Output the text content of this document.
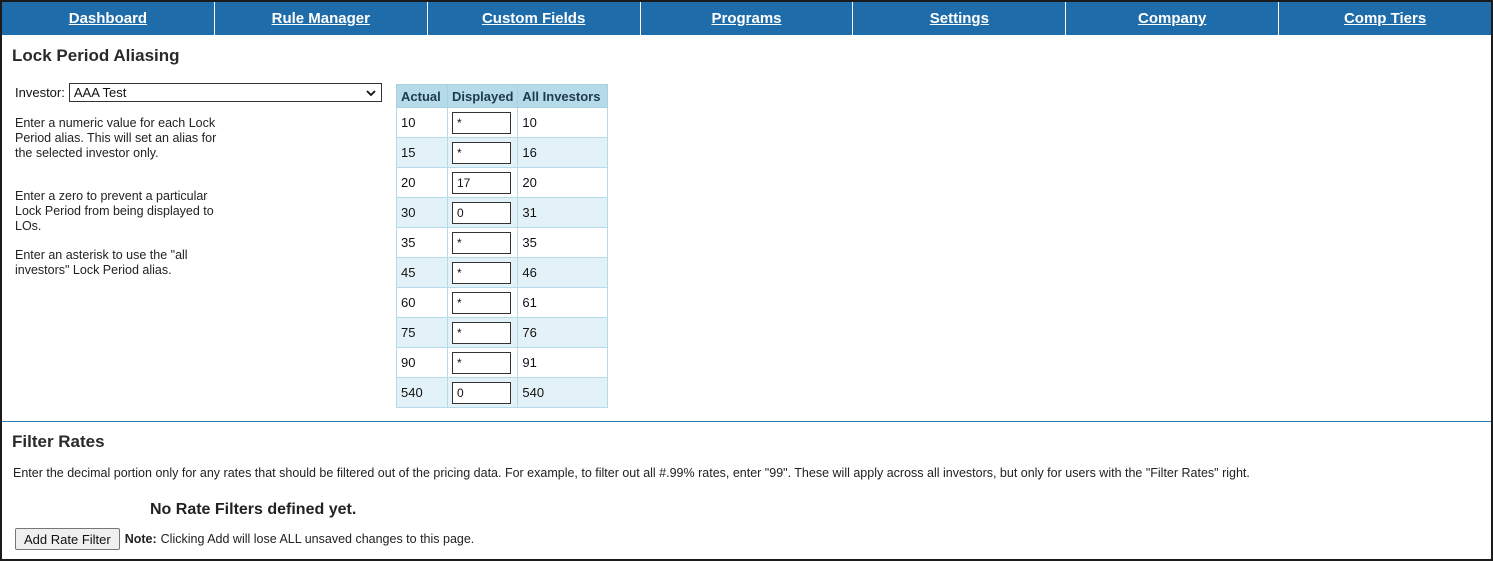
Dashboard	Rule Manager	Custom Fields	Programs	Settings	Company	Comp Tiers
Lock Period Aliasing
Investor: AAA Test
Enter a numeric value for each Lock Period alias. This will set an alias for the selected investor only.
Enter a zero to prevent a particular Lock Period from being displayed to LOs.
Enter an asterisk to use the "all investors" Lock Period alias.
Actual	Displayed	All Investors
10	*	10
15	*	16
20	17	20
30	0	31
35	*	35
45	*	46
60	*	61
75	*	76
90	*	91
540	0	540
Filter Rates
Enter the decimal portion only for any rates that should be filtered out of the pricing data. For example, to filter out all #.99% rates, enter "99". These will apply across all investors, but only for users with the "Filter Rates" right.
No Rate Filters defined yet.
Add Rate Filter	Note: Clicking Add will lose ALL unsaved changes to this page.
